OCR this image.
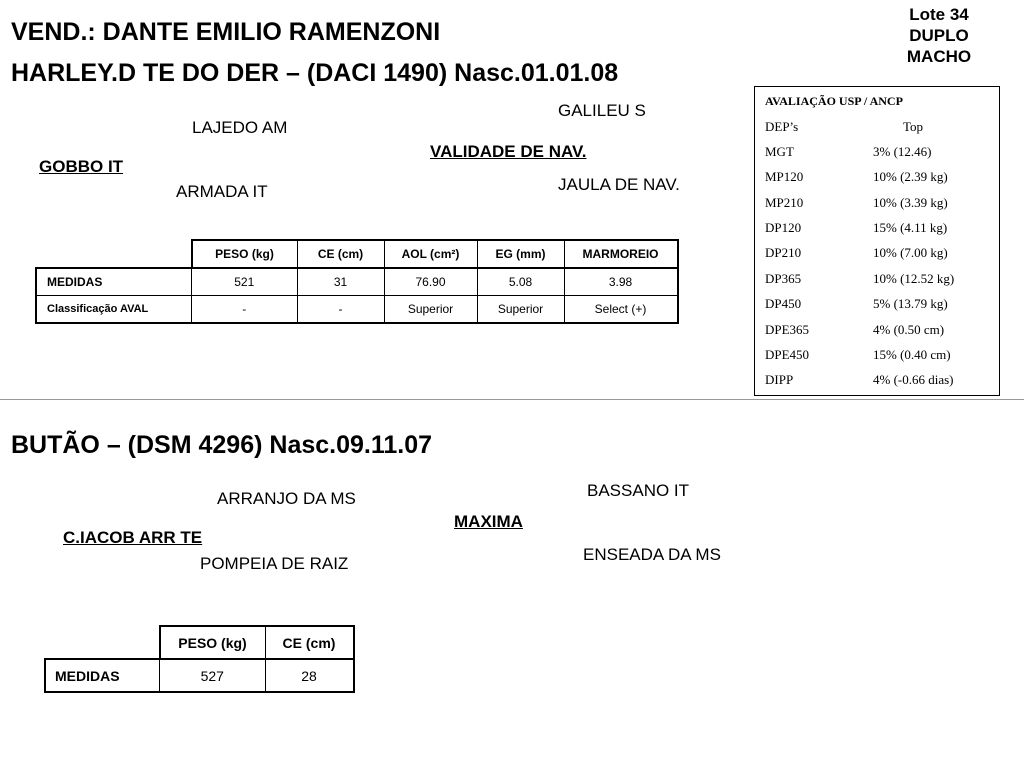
Lote 34
DUPLO
MACHO
VEND.: DANTE EMILIO RAMENZONI
HARLEY.D TE DO DER – (DACI 1490) Nasc.01.01.08
LAJEDO AM
GOBBO IT
ARMADA IT
GALILEU S
VALIDADE DE NAV.
JAULA DE NAV.
	PESO (kg)	CE (cm)	AOL (cm²)	EG (mm)	MARMOREIO
MEDIDAS	521	31	76.90	5.08	3.98
Classificação AVAL	-	-	Superior	Superior	Select (+)
AVALIAÇÃO USP / ANCP
DEP’s	Top
MGT	3% (12.46)
MP120	10% (2.39 kg)
MP210	10% (3.39 kg)
DP120	15% (4.11 kg)
DP210	10% (7.00 kg)
DP365	10% (12.52 kg)
DP450	5% (13.79 kg)
DPE365	4% (0.50 cm)
DPE450	15% (0.40 cm)
DIPP	4% (-0.66 dias)
BUTÃO – (DSM 4296) Nasc.09.11.07
ARRANJO DA MS
C.IACOB ARR TE
POMPEIA DE RAIZ
BASSANO IT
MAXIMA
ENSEADA DA MS
	PESO (kg)	CE (cm)
MEDIDAS	527	28
